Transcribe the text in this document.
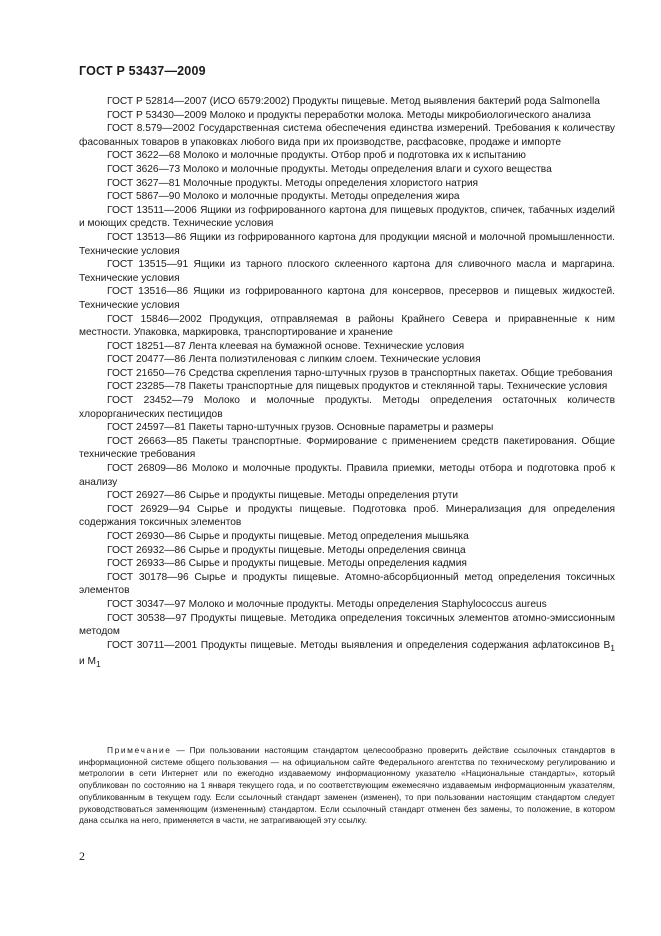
ГОСТ Р 53437—2009

ГОСТ Р 52814—2007 (ИСО 6579:2002) Продукты пищевые. Метод выявления бактерий рода Salmonella

ГОСТ Р 53430—2009 Молоко и продукты переработки молока. Методы микробиологического анализа

ГОСТ 8.579—2002 Государственная система обеспечения единства измерений. Требования к количеству фасованных товаров в упаковках любого вида при их производстве, расфасовке, продаже и импорте

ГОСТ 3622—68 Молоко и молочные продукты. Отбор проб и подготовка их к испытанию

ГОСТ 3626—73 Молоко и молочные продукты. Методы определения влаги и сухого вещества

ГОСТ 3627—81 Молочные продукты. Методы определения хлористого натрия

ГОСТ 5867—90 Молоко и молочные продукты. Методы определения жира

ГОСТ 13511—2006 Ящики из гофрированного картона для пищевых продуктов, спичек, табачных изделий и моющих средств. Технические условия

ГОСТ 13513—86 Ящики из гофрированного картона для продукции мясной и молочной промышленности. Технические условия

ГОСТ 13515—91 Ящики из тарного плоского склеенного картона для сливочного масла и маргарина. Технические условия

ГОСТ 13516—86 Ящики из гофрированного картона для консервов, пресервов и пищевых жидкостей. Технические условия

ГОСТ 15846—2002 Продукция, отправляемая в районы Крайнего Севера и приравненные к ним местности. Упаковка, маркировка, транспортирование и хранение

ГОСТ 18251—87 Лента клеевая на бумажной основе. Технические условия

ГОСТ 20477—86 Лента полиэтиленовая с липким слоем. Технические условия

ГОСТ 21650—76 Средства скрепления тарно-штучных грузов в транспортных пакетах. Общие требования

ГОСТ 23285—78 Пакеты транспортные для пищевых продуктов и стеклянной тары. Технические условия

ГОСТ 23452—79 Молоко и молочные продукты. Методы определения остаточных количеств хлорорганических пестицидов

ГОСТ 24597—81 Пакеты тарно-штучных грузов. Основные параметры и размеры

ГОСТ 26663—85 Пакеты транспортные. Формирование с применением средств пакетирования. Общие технические требования

ГОСТ 26809—86 Молоко и молочные продукты. Правила приемки, методы отбора и подготовка проб к анализу

ГОСТ 26927—86 Сырье и продукты пищевые. Методы определения ртути

ГОСТ 26929—94 Сырье и продукты пищевые. Подготовка проб. Минерализация для определения содержания токсичных элементов

ГОСТ 26930—86 Сырье и продукты пищевые. Метод определения мышьяка

ГОСТ 26932—86 Сырье и продукты пищевые. Методы определения свинца

ГОСТ 26933—86 Сырье и продукты пищевые. Методы определения кадмия

ГОСТ 30178—96 Сырье и продукты пищевые. Атомно-абсорбционный метод определения токсичных элементов

ГОСТ 30347—97 Молоко и молочные продукты. Методы определения Staphylococcus aureus

ГОСТ 30538—97 Продукты пищевые. Методика определения токсичных элементов атомно-эмиссионным методом

ГОСТ 30711—2001 Продукты пищевые. Методы выявления и определения содержания афлатоксинов $B_1$ и $M_1$

Примечание — При пользовании настоящим стандартом целесообразно проверить действие ссылочных стандартов в информационной системе общего пользования — на официальном сайте Федерального агентства по техническому регулированию и метрологии в сети Интернет или по ежегодно издаваемому информационному указателю «Национальные стандарты», который опубликован по состоянию на 1 января текущего года, и по соответствующим ежемесячно издаваемым информационным указателям, опубликованным в текущем году. Если ссылочный стандарт заменен (изменен), то при пользовании настоящим стандартом следует руководствоваться заменяющим (измененным) стандартом. Если ссылочный стандарт отменен без замены, то положение, в котором дана ссылка на него, применяется в части, не затрагивающей эту ссылку.

2
